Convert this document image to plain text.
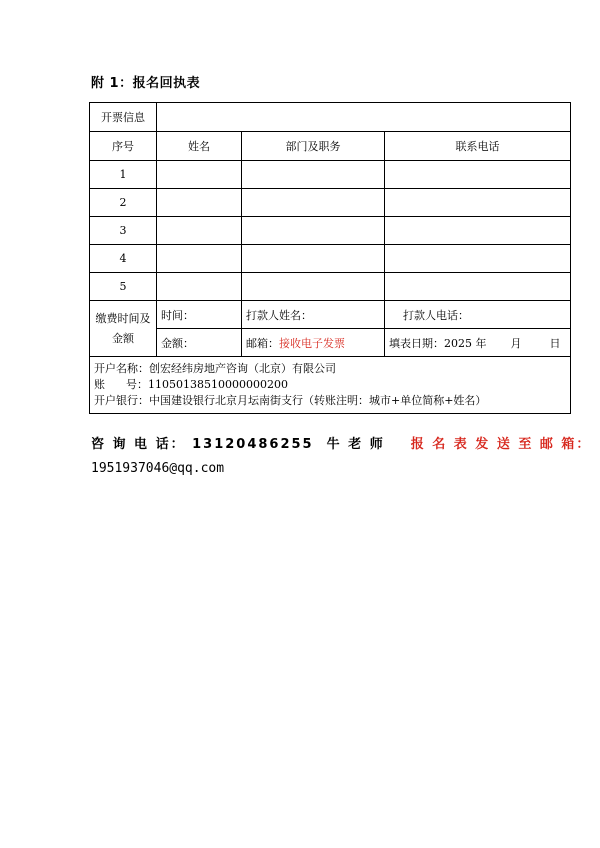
附 1：报名回执表
开票信息			
序号	姓名	部门及职务	联系电话
1			
2			
3			
4			
5			
缴费时间及金额	时间：	打款人姓名：	打款人电话：
	金额：	邮箱：接收电子发票	填表日期：2025 年 月 日

开户名称：创宏经纬房地产咨询（北京）有限公司
账      号：11050138510000000200
开户银行：中国建设银行北京月坛南街支行（转账注明：城市+单位简称+姓名）			
咨 询 电 话： 13120486255  牛 老 师 报 名 表 发 送 至 邮 箱：
1951937046@qq.com
